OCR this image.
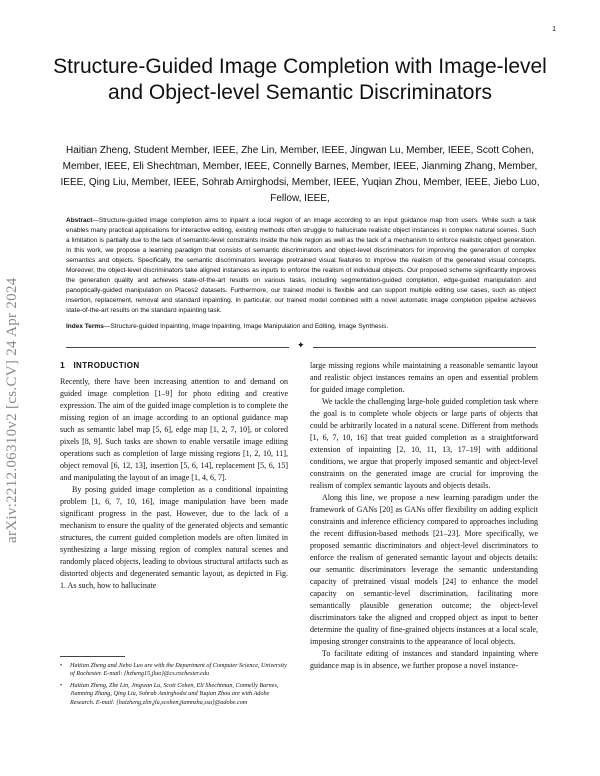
1
arXiv:2212.06310v2 [cs.CV] 24 Apr 2024
Structure-Guided Image Completion with Image-level and Object-level Semantic Discriminators

Haitian Zheng, Student Member, IEEE, Zhe Lin, Member, IEEE, Jingwan Lu, Member, IEEE, Scott Cohen, Member, IEEE, Eli Shechtman, Member, IEEE, Connelly Barnes, Member, IEEE, Jianming Zhang, Member, IEEE, Qing Liu, Member, IEEE, Sohrab Amirghodsi, Member, IEEE, Yuqian Zhou, Member, IEEE, Jiebo Luo, Fellow, IEEE,

Abstract—Structure-guided image completion aims to inpaint a local region of an image according to an input guidance map from users. While such a task enables many practical applications for interactive editing, existing methods often struggle to hallucinate realistic object instances in complex natural scenes. Such a limitation is partially due to the lack of semantic-level constraints inside the hole region as well as the lack of a mechanism to enforce realistic object generation. In this work, we propose a learning paradigm that consists of semantic discriminators and object-level discriminators for improving the generation of complex semantics and objects. Specifically, the semantic discriminators leverage pretrained visual features to improve the realism of the generated visual concepts. Moreover, the object-level discriminators take aligned instances as inputs to enforce the realism of individual objects. Our proposed scheme significantly improves the generation quality and achieves state-of-the-art results on various tasks, including segmentation-guided completion, edge-guided manipulation and panoptically-guided manipulation on Places2 datasets. Furthermore, our trained model is flexible and can support multiple editing use cases, such as object insertion, replacement, removal and standard inpainting. In particular, our trained model combined with a novel automatic image completion pipeline achieves state-of-the-art results on the standard inpainting task.

Index Terms—Structure-guided Inpainting, Image Inpainting, Image Manipulation and Editing, Image Synthesis.

✦
1 INTRODUCTION

Recently, there have been increasing attention to and demand on guided image completion [1–9] for photo editing and creative expression. The aim of the guided image completion is to complete the missing region of an image according to an optional guidance map such as semantic label map [5, 6], edge map [1, 2, 7, 10], or colored pixels [8, 9]. Such tasks are shown to enable versatile image editing operations such as completion of large missing regions [1, 2, 10, 11], object removal [6, 12, 13], insertion [5, 6, 14], replacement [5, 6, 15] and manipulating the layout of an image [1, 4, 6, 7].

By posing guided image completion as a conditional inpainting problem [1, 6, 7, 10, 16], image manipulation have been made significant progress in the past. However, due to the lack of a mechanism to ensure the quality of the generated objects and semantic structures, the current guided completion models are often limited in synthesizing a large missing region of complex natural scenes and randomly placed objects, leading to obvious structural artifacts such as distorted objects and degenerated semantic layout, as depicted in Fig. 1. As such, how to hallucinate

large missing regions while maintaining a reasonable semantic layout and realistic object instances remains an open and essential problem for guided image completion.

We tackle the challenging large-hole guided completion task where the goal is to complete whole objects or large parts of objects that could be arbitrarily located in a natural scene. Different from methods [1, 6, 7, 10, 16] that treat guided completion as a straightforward extension of inpainting [2, 10, 11, 13, 17–19] with additional conditions, we argue that properly imposed semantic and object-level constraints on the generated image are crucial for improving the realism of complex semantic layouts and objects details.

Along this line, we propose a new learning paradigm under the framework of GANs [20] as GANs offer flexibility on adding explicit constraints and inference efficiency compared to approaches including the recent diffusion-based methods [21–23]. More specifically, we proposed semantic discriminators and object-level discriminators to enforce the realism of generated semantic layout and objects details: our semantic discriminators leverage the semantic understanding capacity of pretrained visual models [24] to enhance the model capacity on semantic-level discrimination, facilitating more semantically plausible generation outcome; the object-level discriminators take the aligned and cropped object as input to better determine the quality of fine-grained objects instances at a local scale, imposing stronger constraints to the appearance of local objects.

To facilitate editing of instances and standard inpainting where guidance map is in absence, we further propose a novel instance-

•	Haitian Zheng and Jiebo Luo are with the Department of Computer Science, University of Rochester. E-mail: {hzheng15,jluo}@cs.rochester.edu
•	Haitian Zheng, Zhe Lin, Jingwan Lu, Scott Cohen, Eli Shechtman, Connelly Barnes, Jianming Zhang, Qing Liu, Sohrab Amirghodsi and Yuqian Zhou are with Adobe Research. E-mail: {haizheng,zlin,jlu,scohen,jianmzha,ssa}@adobe.com
